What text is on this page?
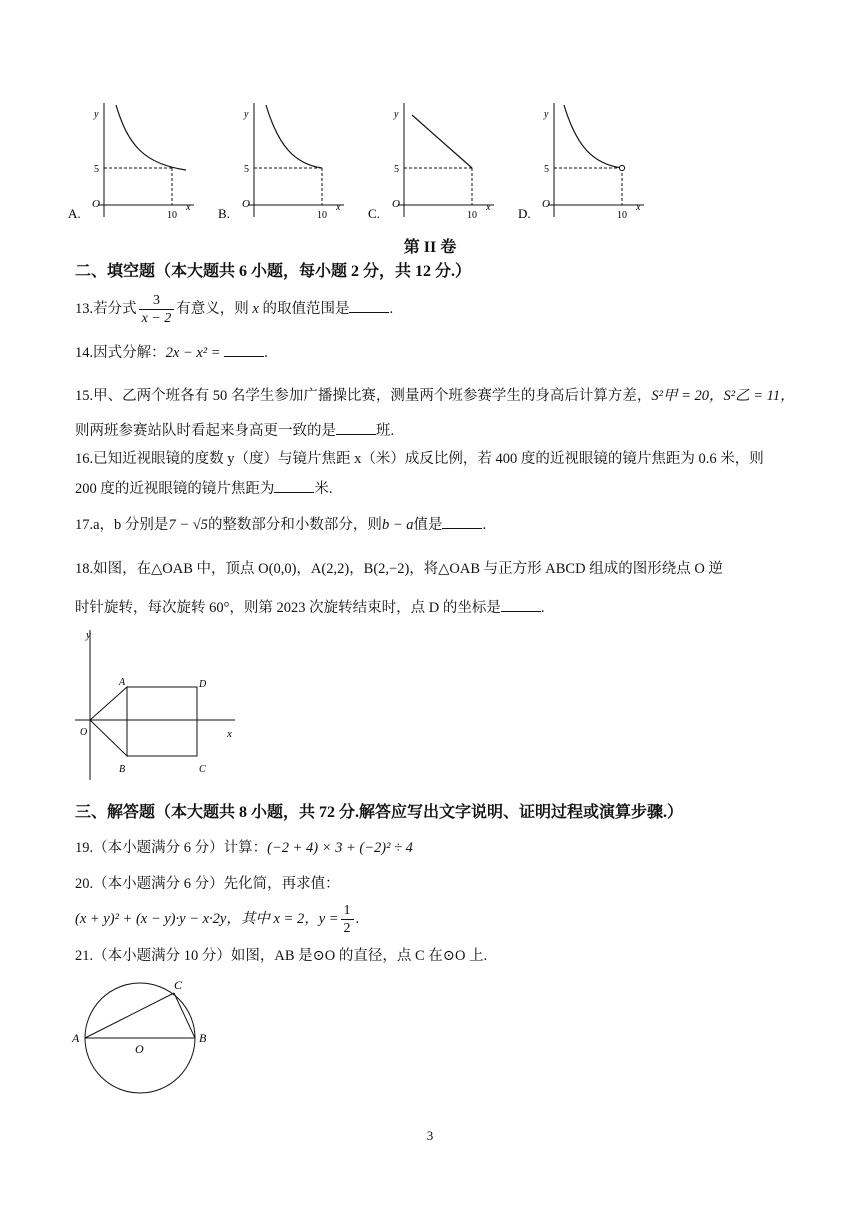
y
x
O
5
10
A.
y
x
O
5
10
B.
y
x
O
5
10
C.
y
x
O
5
10
D.
第 II 卷
二、填空题（本大题共 6 小题，每小题 2 分，共 12 分.）
13.若分式 $\frac{3}{x - 2}$ 有意义，则 x 的取值范围是	.
14.因式分解：2x − x² =	.
15.甲、乙两个班各有 50 名学生参加广播操比赛，测量两个班参赛学生的身高后计算方差，S²甲 = 20，S²乙 = 11，
则两班参赛站队时看起来身高更一致的是	班.
16.已知近视眼镜的度数 y（度）与镜片焦距 x（米）成反比例，若 400 度的近视眼镜的镜片焦距为 0.6 米，则
200 度的近视眼镜的镜片焦距为	米.
17.a，b 分别是7 − √5的整数部分和小数部分，则b − a值是	.
18.如图，在△OAB 中，顶点 O(0,0)，A(2,2)，B(2,−2)，将△OAB 与正方形 ABCD 组成的图形绕点 O 逆
时针旋转，每次旋转 60°，则第 2023 次旋转结束时，点 D 的坐标是	.
y
x
O
A
B	C
D
三、解答题（本大题共 8 小题，共 72 分.解答应写出文字说明、证明过程或演算步骤.）
19.（本小题满分 6 分）计算：(−2 + 4) × 3 + (−2)² ÷ 4
20.（本小题满分 6 分）先化简，再求值：
(x + y)² + (x − y)·y − x·2y，其中 x = 2，$y = \frac{1}{2}$ .
21.（本小题满分 10 分）如图，AB 是⊙O 的直径，点 C 在⊙O 上.
A	B
C
O
3
